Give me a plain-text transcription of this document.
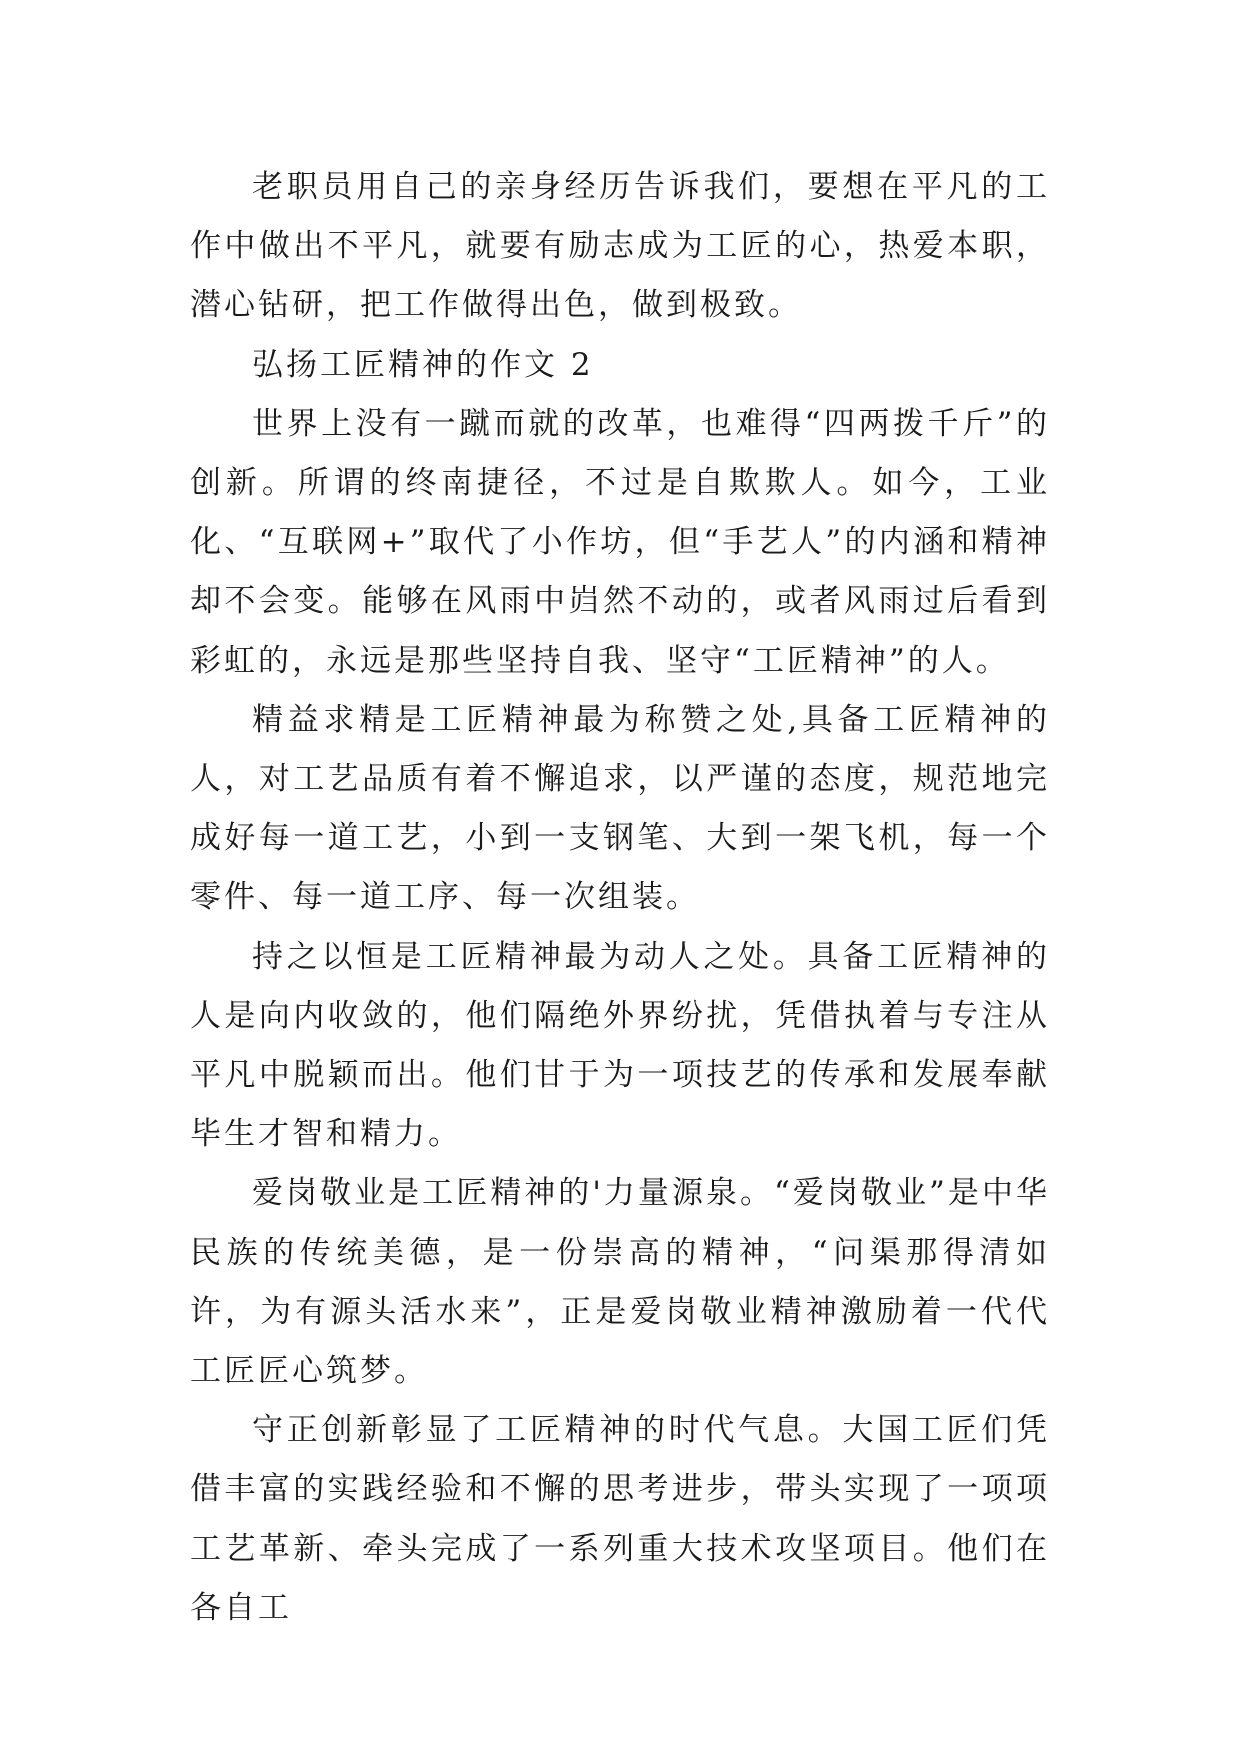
老职员用自己的亲身经历告诉我们，要想在平凡的工作中做出不平凡，就要有励志成为工匠的心，热爱本职，潜心钻研，把工作做得出色，做到极致。

弘扬工匠精神的作文 2

世界上没有一蹴而就的改革，也难得“四两拨千斤”的创新。所谓的终南捷径，不过是自欺欺人。如今，工业化、“互联网+”取代了小作坊，但“手艺人”的内涵和精神却不会变。能够在风雨中岿然不动的，或者风雨过后看到彩虹的，永远是那些坚持自我、坚守“工匠精神”的人。

精益求精是工匠精神最为称赞之处,具备工匠精神的人，对工艺品质有着不懈追求，以严谨的态度，规范地完成好每一道工艺，小到一支钢笔、大到一架飞机，每一个零件、每一道工序、每一次组装。

持之以恒是工匠精神最为动人之处。具备工匠精神的人是向内收敛的，他们隔绝外界纷扰，凭借执着与专注从平凡中脱颖而出。他们甘于为一项技艺的传承和发展奉献毕生才智和精力。

爱岗敬业是工匠精神的'力量源泉。“爱岗敬业”是中华民族的传统美德，是一份崇高的精神，“问渠那得清如许，为有源头活水来”，正是爱岗敬业精神激励着一代代工匠匠心筑梦。

守正创新彰显了工匠精神的时代气息。大国工匠们凭借丰富的实践经验和不懈的思考进步，带头实现了一项项工艺革新、牵头完成了一系列重大技术攻坚项目。他们在各自工
